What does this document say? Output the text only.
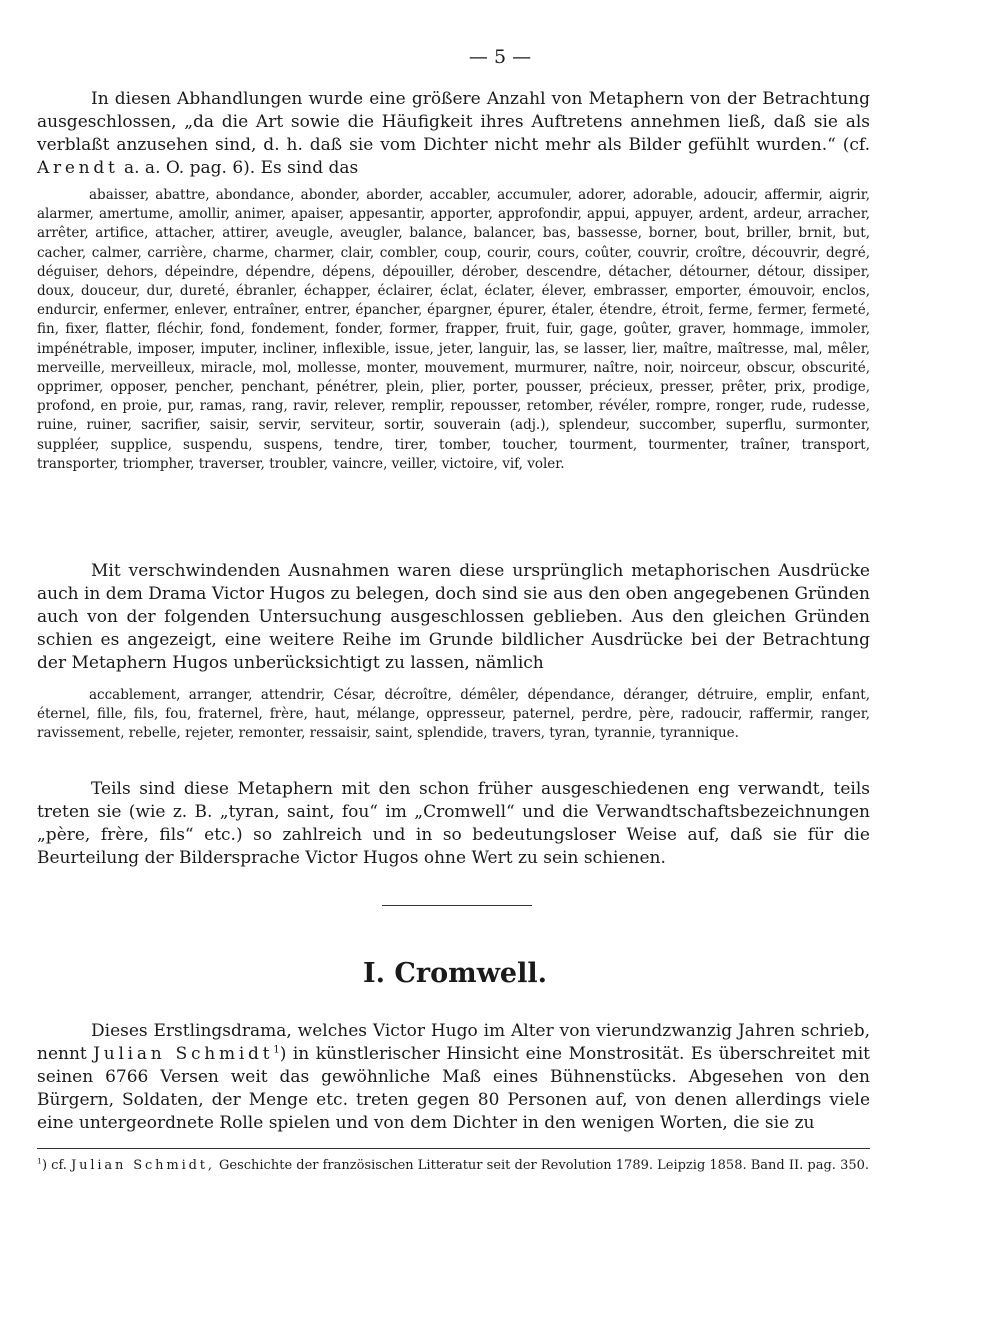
— 5 —
In diesen Abhandlungen wurde eine größere Anzahl von Metaphern von der Betrachtung ausgeschlossen, „da die Art sowie die Häufigkeit ihres Auftretens annehmen ließ, daß sie als verblaßt anzusehen sind, d. h. daß sie vom Dichter nicht mehr als Bilder gefühlt wurden.“ (cf. Arendt a. a. O. pag. 6). Es sind das
abaisser, abattre, abondance, abonder, aborder, accabler, accumuler, adorer, adorable, adoucir, affermir, aigrir, alarmer, amertume, amollir, animer, apaiser, appesantir, apporter, approfondir, appui, appuyer, ardent, ardeur, arracher, arrêter, artifice, attacher, attirer, aveugle, aveugler, balance, balancer, bas, bassesse, borner, bout, briller, brnit, but, cacher, calmer, carrière, charme, charmer, clair, combler, coup, courir, cours, coûter, couvrir, croître, découvrir, degré, déguiser, dehors, dépeindre, dépendre, dépens, dépouiller, dérober, descendre, détacher, détourner, détour, dissiper, doux, douceur, dur, dureté, ébranler, échapper, éclairer, éclat, éclater, élever, embrasser, emporter, émouvoir, enclos, endurcir, enfermer, enlever, entraîner, entrer, épancher, épargner, épurer, étaler, étendre, étroit, ferme, fermer, fermeté, fin, fixer, flatter, fléchir, fond, fondement, fonder, former, frapper, fruit, fuir, gage, goûter, graver, hommage, immoler, impénétrable, imposer, imputer, incliner, inflexible, issue, jeter, languir, las, se lasser, lier, maître, maîtresse, mal, mêler, merveille, merveilleux, miracle, mol, mollesse, monter, mouvement, murmurer, naître, noir, noirceur, obscur, obscurité, opprimer, opposer, pencher, penchant, pénétrer, plein, plier, porter, pousser, précieux, presser, prêter, prix, prodige, profond, en proie, pur, ramas, rang, ravir, relever, remplir, repousser, retomber, révéler, rompre, ronger, rude, rudesse, ruine, ruiner, sacrifier, saisir, servir, serviteur, sortir, souverain (adj.), splendeur, succomber, superflu, surmonter, suppléer, supplice, suspendu, suspens, tendre, tirer, tomber, toucher, tourment, tourmenter, traîner, transport, transporter, triompher, traverser, troubler, vaincre, veiller, victoire, vif, voler.
Mit verschwindenden Ausnahmen waren diese ursprünglich metaphorischen Ausdrücke auch in dem Drama Victor Hugos zu belegen, doch sind sie aus den oben angegebenen Gründen auch von der folgenden Untersuchung ausgeschlossen geblieben. Aus den gleichen Gründen schien es angezeigt, eine weitere Reihe im Grunde bildlicher Ausdrücke bei der Betrachtung der Metaphern Hugos unberücksichtigt zu lassen, nämlich
accablement, arranger, attendrir, César, décroître, démêler, dépendance, déranger, détruire, emplir, enfant, éternel, fille, fils, fou, fraternel, frère, haut, mélange, oppresseur, paternel, perdre, père, radoucir, raffermir, ranger, ravissement, rebelle, rejeter, remonter, ressaisir, saint, splendide, travers, tyran, tyrannie, tyrannique.
Teils sind diese Metaphern mit den schon früher ausgeschiedenen eng verwandt, teils treten sie (wie z. B. „tyran, saint, fou“ im „Cromwell“ und die Verwandtschaftsbezeichnungen „père, frère, fils“ etc.) so zahlreich und in so bedeutungsloser Weise auf, daß sie für die Beurteilung der Bildersprache Victor Hugos ohne Wert zu sein schienen.
I. Cromwell.
Dieses Erstlingsdrama, welches Victor Hugo im Alter von vierundzwanzig Jahren schrieb, nennt Julian Schmidt$^1$) in künstlerischer Hinsicht eine Monstrosität. Es überschreitet mit seinen 6766 Versen weit das gewöhnliche Maß eines Bühnenstücks. Abgesehen von den Bürgern, Soldaten, der Menge etc. treten gegen 80 Personen auf, von denen allerdings viele eine untergeordnete Rolle spielen und von dem Dichter in den wenigen Worten, die sie zu
$^1$) cf. Julian Schmidt, Geschichte der französischen Litteratur seit der Revolution 1789. Leipzig 1858. Band II. pag. 350.
